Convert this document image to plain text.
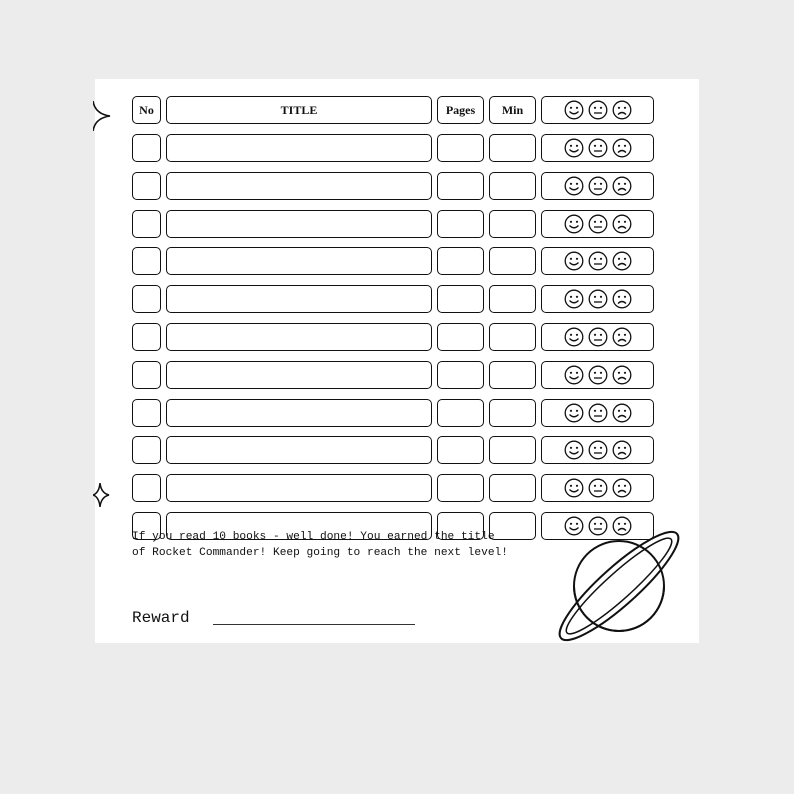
No	TITLE	Pages	Min
If you read 10 books - well done! You earned the title
of Rocket Commander! Keep going to reach the next level!
Reward
